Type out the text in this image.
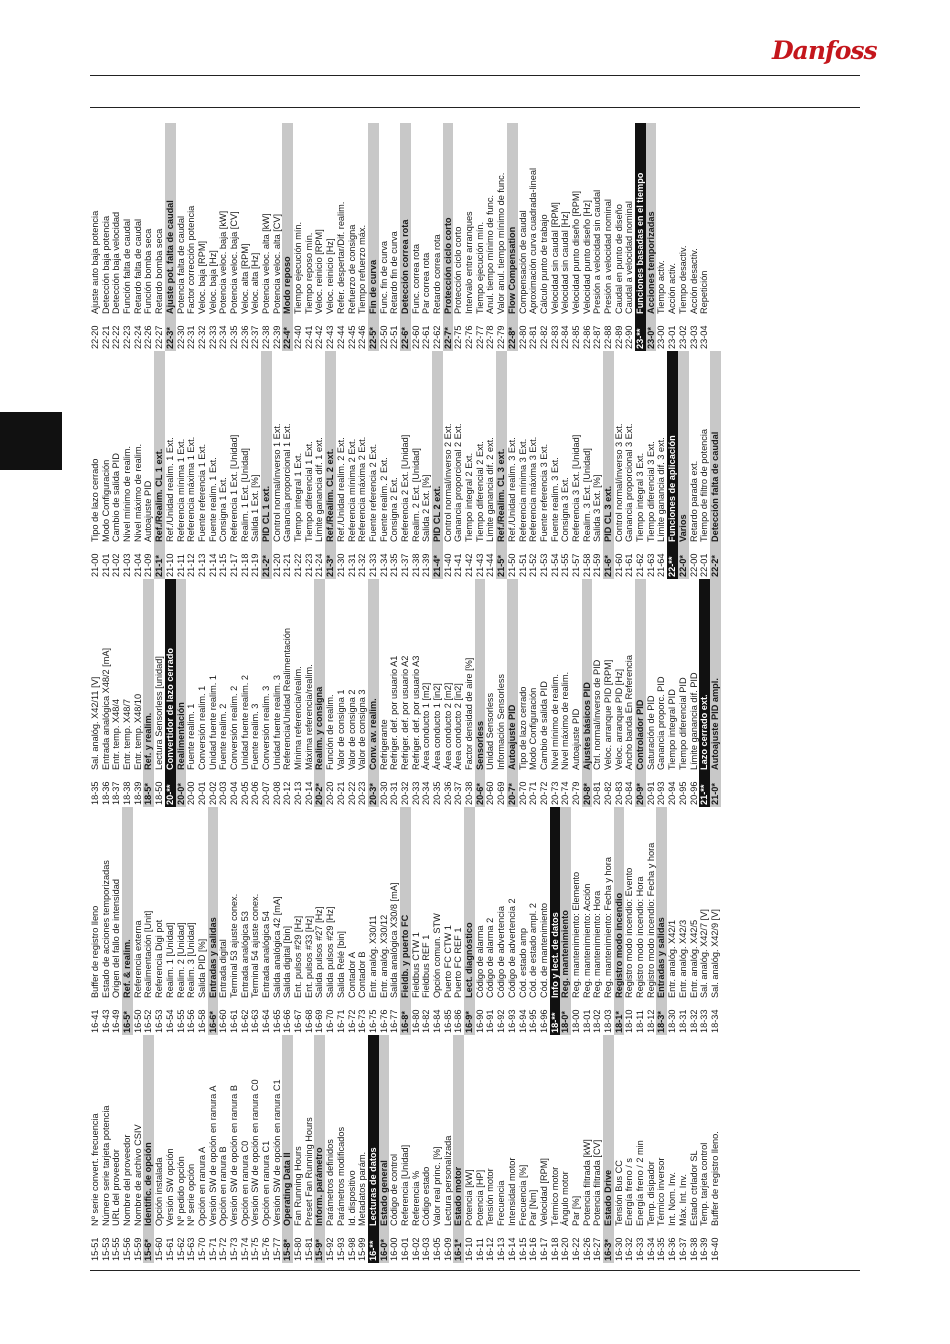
Danfoss
15-51
Nº serie convert. frecuencia
15-53
Número serie tarjeta potencia
15-55
URL del proveedor
15-56
Nombre del proveedor
15-59
Nombre de archivo CSIV
15-6*
Identific. de opción
15-60
Opción instalada
15-61
Versión SW opción
15-62
Nº pedido opción
15-63
Nº serie opción
15-70
Opción en ranura A
15-71
Versión SW de opción en ranura A
15-72
Opción en ranura B
15-73
Versión SW de opción en ranura B
15-74
Opción en ranura C0
15-75
Versión SW de opción en ranura C0
15-76
Opción en ranura C1
15-77
Versión SW de opción en ranura C1
15-8*
Operating Data II
15-80
Fan Running Hours
15-81
Preset Fan Running Hours
15-9*
Inform. parámetro
15-92
Parámetros definidos
15-93
Parámetros modificados
15-98
Id. dispositivo
15-99
Metadatos parám.
16-**
Lecturas de datos
16-0*
Estado general
16-00
Código de control
16-01
Referencia [Unidad]
16-02
Referencia %
16-03
Código estado
16-05
Valor real princ. [%]
16-09
Lectura personalizada
16-1*
Estado motor
16-10
Potencia [kW]
16-11
Potencia [HP]
16-12
Tensión motor
16-13
Frecuencia
16-14
Intensidad motor
16-15
Frecuencia [%]
16-16
Par [Nm]
16-17
Velocidad [RPM]
16-18
Térmico motor
16-20
Ángulo motor
16-22
Par [%]
16-26
Potencia filtrada [kW]
16-27
Potencia filtrada [CV]
16-3*
Estado Drive
16-30
Tensión Bus CC
16-32
Energía freno / s
16-33
Energía freno / 2 min
16-34
Temp. disipador
16-35
Térmico inversor
16-36
Int. Nom. Inv.
16-37
Máx. Int. Inv.
16-38
Estado ctrlador SL
16-39
Temp. tarjeta control
16-40
Buffer de registro lleno.
16-41
Buffer de registro lleno
16-43
Estado de acciones temporizadas
16-49
Origen del fallo de intensidad
16-5*
Ref. & realim.
16-50
Referencia externa
16-52
Realimentación [Unit]
16-53
Referencia Digi pot
16-54
Realim. 1 [Unidad]
16-55
Realim. 2 [Unidad]
16-56
Realim. 3 [Unidad]
16-58
Salida PID [%]
16-6*
Entradas y salidas
16-60
Entrada digital
16-61
Terminal 53 ajuste conex.
16-62
Entrada analógica 53
16-63
Terminal 54 ajuste conex.
16-64
Entrada analógica 54
16-65
Salida analógica 42 [mA]
16-66
Salida digital [bin]
16-67
Ent. pulsos #29 [Hz]
16-68
Ent. pulsos #33 [Hz]
16-69
Salida pulsos #27 [Hz]
16-70
Salida pulsos #29 [Hz]
16-71
Salida Relé [bin]
16-72
Contador A
16-73
Contador B
16-75
Entr. analóg. X30/11
16-76
Entr. analóg. X30/12
16-77
Salida analógica X30/8 [mA]
16-8*
Fieldb. y puerto FC
16-80
Fieldbus CTW 1
16-82
Fieldbus REF 1
16-84
Opción comun. STW
16-85
Puerto FC CTW 1
16-86
Puerto FC REF 1
16-9*
Lect. diagnóstico
16-90
Código de alarma
16-91
Código de alarma 2
16-92
Código de advertencia
16-93
Código de advertencia 2
16-94
Cód. estado amp
16-95
Cód. de estado ampl. 2
16-96
Cód. de mantenimiento
18-**
Info y lect. de datos
18-0*
Reg. mantenimiento
18-00
Reg. mantenimiento: Elemento
18-01
Reg. mantenimiento: Acción
18-02
Reg. mantenimiento: Hora
18-03
Reg. mantenimiento: Fecha y hora
18-1*
Registro modo incendio
18-10
Registro modo incendio: Evento
18-11
Registro modo incendio: Hora
18-12
Registro modo incendio: Fecha y hora
18-3*
Entradas y salidas
18-30
Entr. analóg. X42/1
18-31
Entr. analóg. X42/3
18-32
Entr. analóg. X42/5
18-33
Sal. analóg. X42/7 [V]
18-34
Sal. analóg. X42/9 [V]
18-35
Sal. analóg. X42/11 [V]
18-36
Entrada analógica X48/2 [mA]
18-37
Entr. temp. X48/4
18-38
Entr. temp. X48/7
18-39
Entr. temp. X48/10
18-5*
Ref. y realim.
18-50
Lectura Sensorless [unidad]
20-**
Convertidor de lazo cerrado
20-0*
Realimentación
20-00
Fuente realim. 1
20-01
Conversión realim. 1
20-02
Unidad fuente realim. 1
20-03
Fuente realim. 2
20-04
Conversión realim. 2
20-05
Unidad fuente realim. 2
20-06
Fuente realim. 3
20-07
Conversión realim. 3
20-08
Unidad fuente realim. 3
20-12
Referencia/Unidad Realimentación
20-13
Mínima referencia/realim.
20-14
Máxima referencia/realim.
20-2*
Realim. y consigna
20-20
Función de realim.
20-21
Valor de consigna 1
20-22
Valor de consigna 2
20-23
Valor de consigna 3
20-3*
Conv. av. realim.
20-30
Refrigerante
20-31
Refriger. def. por usuario A1
20-32
Refriger. def. por usuario A2
20-33
Refriger. def. por usuario A3
20-34
Área conducto 1 [m2]
20-35
Área conducto 1 [in2]
20-36
Área conducto 2 [m2]
20-37
Área conducto 2 [in2]
20-38
Factor densidad de aire [%]
20-6*
Sensorless
20-60
Unidad Sensorless
20-69
Información Sensorless
20-7*
Autoajuste PID
20-70
Tipo de lazo cerrado
20-71
Modo Configuración
20-72
Cambio de salida PID
20-73
Nivel mínimo de realim.
20-74
Nivel máximo de realim.
20-79
Autoajuste PID
20-8*
Ajustes básicos PID
20-81
Ctrl. normal/inverso de PID
20-82
Veloc. arranque PID [RPM]
20-83
Veloc. arranque PID [Hz]
20-84
Ancho banda En Referencia
20-9*
Controlador PID
20-91
Saturación de PID
20-93
Ganancia proporc. PID
20-94
Tiempo integral PID
20-95
Tiempo diferencial PID
20-96
Límite ganancia dif. PID
21-**
Lazo cerrado ext.
21-0*
Autoajuste PID ampl.
21-00
Tipo de lazo cerrado
21-01
Modo Configuración
21-02
Cambio de salida PID
21-03
Nivel mínimo de realim.
21-04
Nivel máximo de realim.
21-09
Autoajuste PID
21-1*
Ref./Realim. CL 1 ext.
21-10
Ref./Unidad realim. 1 Ext.
21-11
Referencia mínima 1 Ext.
21-12
Referencia máxima 1 Ext.
21-13
Fuente referencia 1 Ext.
21-14
Fuente realim. 1 Ext.
21-15
Consigna 1 Ext.
21-17
Referencia 1 Ext. [Unidad]
21-18
Realim. 1 Ext. [Unidad]
21-19
Salida 1 Ext. [%]
21-2*
PID CL 1 ext.
21-20
Control normal/inverso 1 Ext.
21-21
Ganancia proporcional 1 Ext.
21-22
Tiempo integral 1 Ext.
21-23
Tiempo diferencial 1 Ext.
21-24
Límite ganancia dif. 1 ext.
21-3*
Ref./Realim. CL 2 ext.
21-30
Ref./Unidad realim. 2 Ext.
21-31
Referencia mínima 2 Ext.
21-32
Referencia máxima 2 Ext.
21-33
Fuente referencia 2 Ext.
21-34
Fuente realim. 2 Ext.
21-35
Consigna 2 Ext.
21-37
Referencia 2 Ext. [Unidad]
21-38
Realim. 2 Ext. [Unidad]
21-39
Salida 2 Ext. [%]
21-4*
PID CL 2 ext.
21-40
Control normal/inverso 2 Ext.
21-41
Ganancia proporcional 2 Ext.
21-42
Tiempo integral 2 Ext.
21-43
Tiempo diferencial 2 Ext.
21-44
Límite ganancia dif. 2 ext.
21-5*
Ref./Realim. CL 3 ext.
21-50
Ref./Unidad realim. 3 Ext.
21-51
Referencia mínima 3 Ext.
21-52
Referencia máxima 3 Ext.
21-53
Fuente referencia 3 Ext.
21-54
Fuente realim. 3 Ext.
21-55
Consigna 3 Ext.
21-57
Referencia 3 Ext. [Unidad]
21-58
Realim. 3 Ext. [Unidad]
21-59
Salida 3 Ext. [%]
21-6*
PID CL 3 ext.
21-60
Control normal/inverso 3 Ext.
21-61
Ganancia proporcional 3 Ext.
21-62
Tiempo integral 3 Ext.
21-63
Tiempo diferencial 3 Ext.
21-64
Límite ganancia dif. 3 ext.
22-**
Funciones de aplicación
22-0*
Varios
22-00
Retardo parada ext.
22-01
Tiempo de filtro de potencia
22-2*
Detección falta de caudal
22-20
Ajuste auto baja potencia
22-21
Detección baja potencia
22-22
Detección baja velocidad
22-23
Función falta de caudal
22-24
Retardo falta de caudal
22-26
Función bomba seca
22-27
Retardo bomba seca
22-3*
Ajuste pot. falta de caudal
22-30
Potencia falta de caudal
22-31
Factor corrección potencia
22-32
Veloc. baja [RPM]
22-33
Veloc. baja [Hz]
22-34
Potencia veloc. baja [kW]
22-35
Potencia veloc. baja [CV]
22-36
Veloc. alta [RPM]
22-37
Veloc. alta [Hz]
22-38
Potencia veloc. alta [kW]
22-39
Potencia veloc. alta [CV]
22-4*
Modo reposo
22-40
Tiempo ejecución mín.
22-41
Tiempo reposo mín.
22-42
Veloc. reinicio [RPM]
22-43
Veloc. reinicio [Hz]
22-44
Refer. despertar/Dif. realim.
22-45
Refuerzo de consigna
22-46
Tiempo refuerzo máx.
22-5*
Fin de curva
22-50
Func. fin de curva
22-51
Retardo fin de curva
22-6*
Detección correa rota
22-60
Func. correa rota
22-61
Par correa rota
22-62
Retardo correa rota
22-7*
Protección ciclo corto
22-75
Protección ciclo corto
22-76
Intervalo entre arranques
22-77
Tiempo ejecución mín.
22-78
Anul. tiempo mínimo de func.
22-79
Valor anul. tiempo mínimo de func.
22-8*
Flow Compensation
22-80
Compensación de caudal
22-81
Aproximación curva cuadrada-lineal
22-82
Cálculo punto de trabajo
22-83
Velocidad sin caudal [RPM]
22-84
Velocidad sin caudal [Hz]
22-85
Velocidad punto diseño [RPM]
22-86
Velocidad punto diseño [Hz]
22-87
Presión a velocidad sin caudal
22-88
Presión a velocidad nominal
22-89
Caudal en punto de diseño
22-90
Caudal a velocidad nominal
23-**
Funciones basadas en el tiempo
23-0*
Acciones temporizadas
23-00
Tiempo activ.
23-01
Acción activ.
23-02
Tiempo desactiv.
23-03
Acción desactiv.
23-04
Repetición
